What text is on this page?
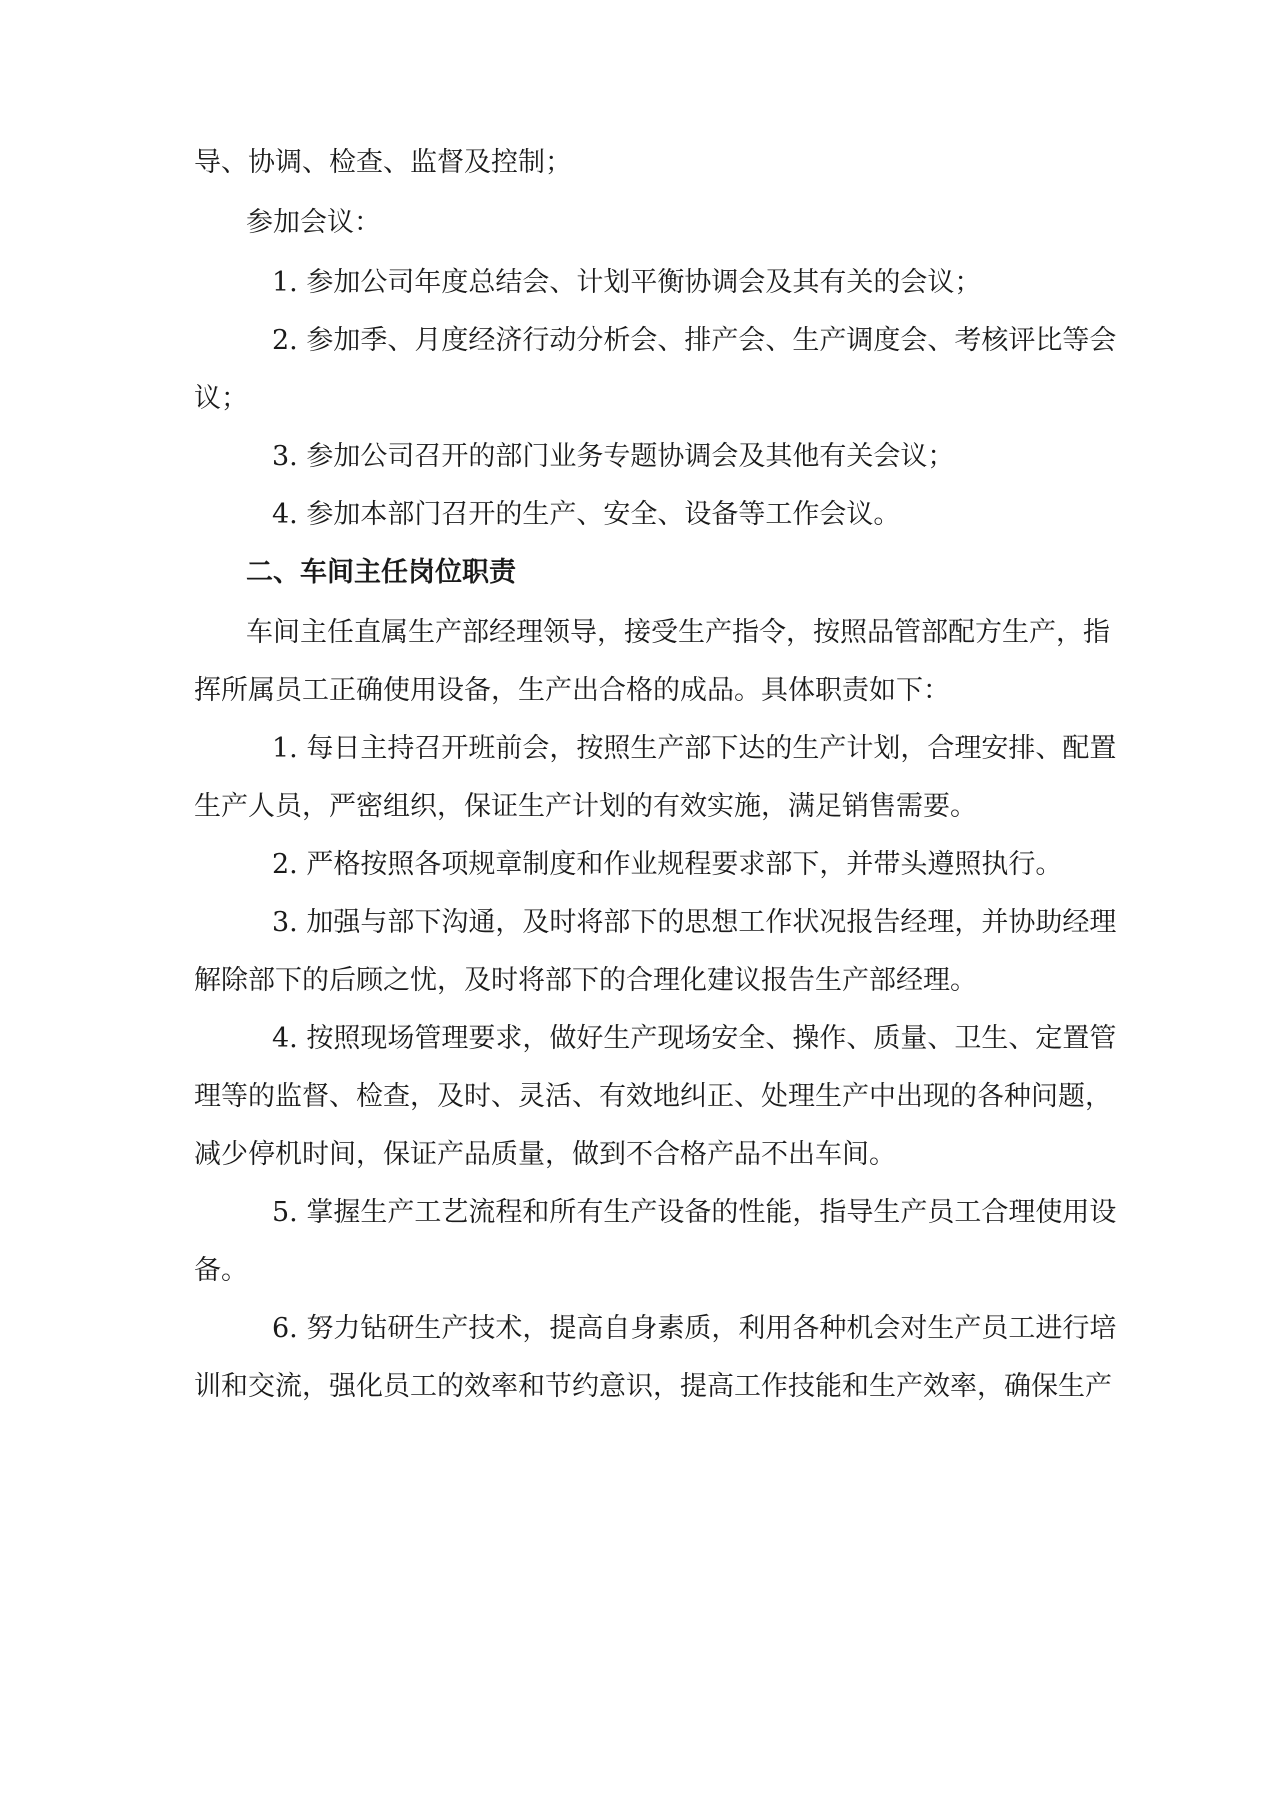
导、协调、检查、监督及控制；

参加会议：

1. 参加公司年度总结会、计划平衡协调会及其有关的会议；

2. 参加季、月度经济行动分析会、排产会、生产调度会、考核评比等会

议；

3. 参加公司召开的部门业务专题协调会及其他有关会议；

4. 参加本部门召开的生产、安全、设备等工作会议。

二、车间主任岗位职责

车间主任直属生产部经理领导，接受生产指令，按照品管部配方生产，指

挥所属员工正确使用设备，生产出合格的成品。具体职责如下：

1. 每日主持召开班前会，按照生产部下达的生产计划，合理安排、配置

生产人员，严密组织，保证生产计划的有效实施，满足销售需要。

2. 严格按照各项规章制度和作业规程要求部下，并带头遵照执行。

3. 加强与部下沟通，及时将部下的思想工作状况报告经理，并协助经理

解除部下的后顾之忧，及时将部下的合理化建议报告生产部经理。

4. 按照现场管理要求，做好生产现场安全、操作、质量、卫生、定置管

理等的监督、检查，及时、灵活、有效地纠正、处理生产中出现的各种问题，

减少停机时间，保证产品质量，做到不合格产品不出车间。

5. 掌握生产工艺流程和所有生产设备的性能，指导生产员工合理使用设

备。

6. 努力钻研生产技术，提高自身素质，利用各种机会对生产员工进行培

训和交流，强化员工的效率和节约意识，提高工作技能和生产效率，确保生产
